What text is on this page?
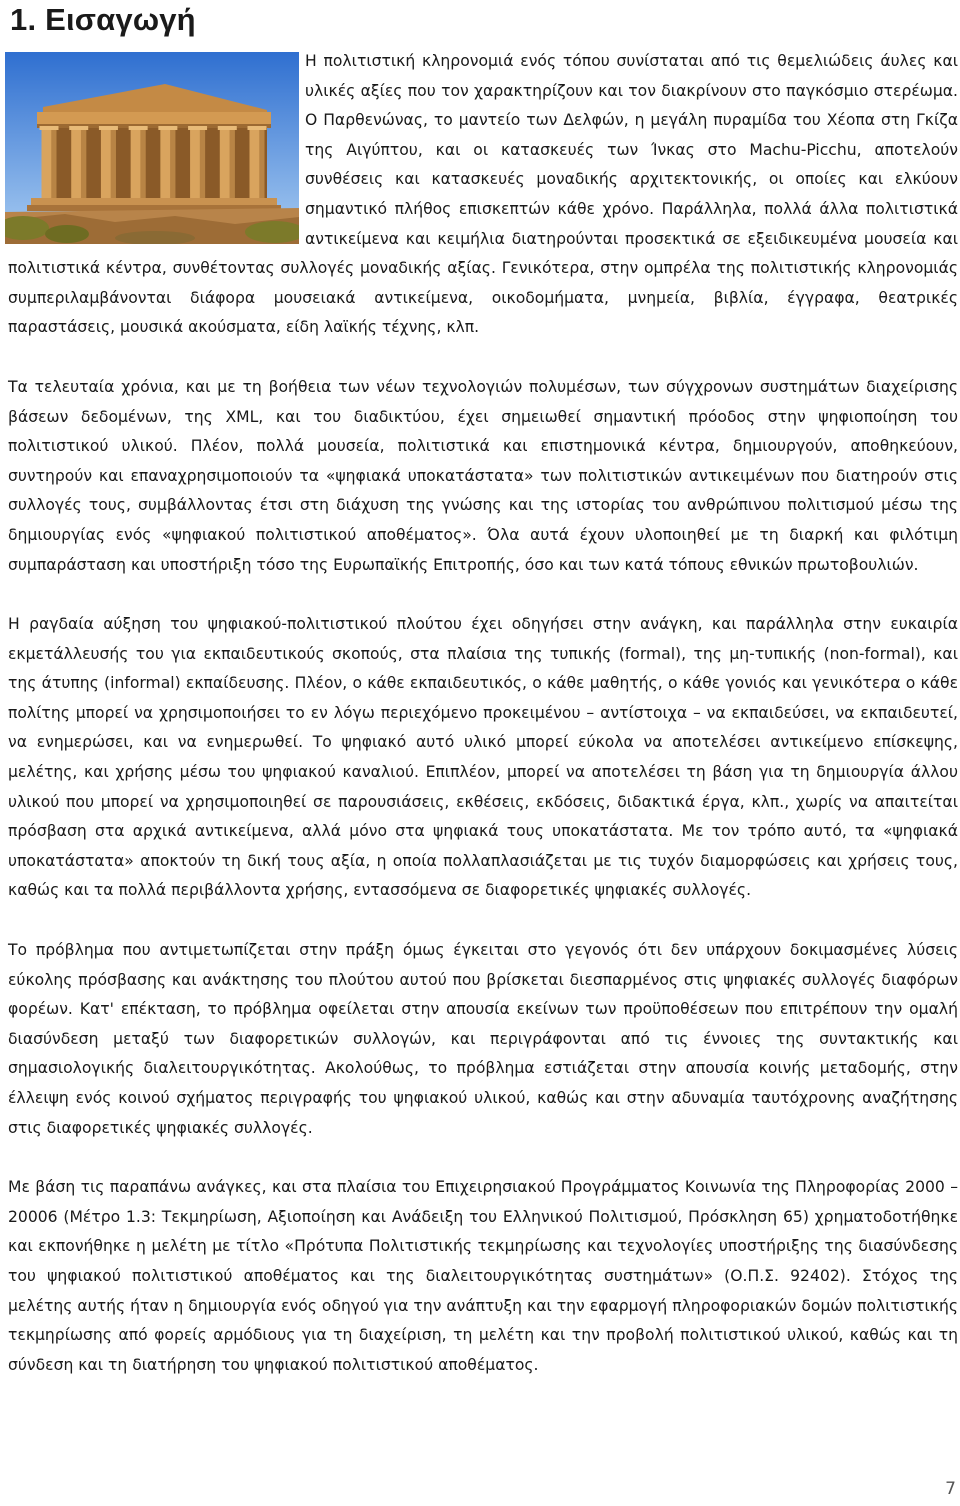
1. Εισαγωγή

Η πολιτιστική κληρονομιά ενός τόπου συνίσταται από τις θεμελιώδεις άυλες και υλικές αξίες που τον χαρακτηρίζουν και τον διακρίνουν στο παγκόσμιο στερέωμα. Ο Παρθενώνας, το μαντείο των Δελφών, η μεγάλη πυραμίδα του Χέοπα στη Γκίζα της Αιγύπτου, και οι κατασκευές των Ίνκας στο Machu-Picchu, αποτελούν συνθέσεις και κατασκευές μοναδικής αρχιτεκτονικής, οι οποίες και ελκύουν σημαντικό πλήθος επισκεπτών κάθε χρόνο. Παράλληλα, πολλά άλλα πολιτιστικά αντικείμενα και κειμήλια διατηρούνται προσεκτικά σε εξειδικευμένα μουσεία και πολιτιστικά κέντρα, συνθέτοντας συλλογές μοναδικής αξίας. Γενικότερα, στην ομπρέλα της πολιτιστικής κληρονομιάς συμπεριλαμβάνονται διάφορα μουσειακά αντικείμενα, οικοδομήματα, μνημεία, βιβλία, έγγραφα, θεατρικές παραστάσεις, μουσικά ακούσματα, είδη λαϊκής τέχνης, κλπ.

Τα τελευταία χρόνια, και με τη βοήθεια των νέων τεχνολογιών πολυμέσων, των σύγχρονων συστημάτων διαχείρισης βάσεων δεδομένων, της XML, και του διαδικτύου, έχει σημειωθεί σημαντική πρόοδος στην ψηφιοποίηση του πολιτιστικού υλικού. Πλέον, πολλά μουσεία, πολιτιστικά και επιστημονικά κέντρα, δημιουργούν, αποθηκεύουν, συντηρούν και επαναχρησιμοποιούν τα «ψηφιακά υποκατάστατα» των πολιτιστικών αντικειμένων που διατηρούν στις συλλογές τους, συμβάλλοντας έτσι στη διάχυση της γνώσης και της ιστορίας του ανθρώπινου πολιτισμού μέσω της δημιουργίας ενός «ψηφιακού πολιτιστικού αποθέματος». Όλα αυτά έχουν υλοποιηθεί με τη διαρκή και φιλότιμη συμπαράσταση και υποστήριξη τόσο της Ευρωπαϊκής Επιτροπής, όσο και των κατά τόπους εθνικών πρωτοβουλιών.

Η ραγδαία αύξηση του ψηφιακού-πολιτιστικού πλούτου έχει οδηγήσει στην ανάγκη, και παράλληλα στην ευκαιρία εκμετάλλευσής του για εκπαιδευτικούς σκοπούς, στα πλαίσια της τυπικής (formal), της μη-τυπικής (non-formal), και της άτυπης (informal) εκπαίδευσης. Πλέον, ο κάθε εκπαιδευτικός, ο κάθε μαθητής, ο κάθε γονιός και γενικότερα ο κάθε πολίτης μπορεί να χρησιμοποιήσει το εν λόγω περιεχόμενο προκειμένου – αντίστοιχα – να εκπαιδεύσει, να εκπαιδευτεί, να ενημερώσει, και να ενημερωθεί. Το ψηφιακό αυτό υλικό μπορεί εύκολα να αποτελέσει αντικείμενο επίσκεψης, μελέτης, και χρήσης μέσω του ψηφιακού καναλιού. Επιπλέον, μπορεί να αποτελέσει τη βάση για τη δημιουργία άλλου υλικού που μπορεί να χρησιμοποιηθεί σε παρουσιάσεις, εκθέσεις, εκδόσεις, διδακτικά έργα, κλπ., χωρίς να απαιτείται πρόσβαση στα αρχικά αντικείμενα, αλλά μόνο στα ψηφιακά τους υποκατάστατα. Με τον τρόπο αυτό, τα «ψηφιακά υποκατάστατα» αποκτούν τη δική τους αξία, η οποία πολλαπλασιάζεται με τις τυχόν διαμορφώσεις και χρήσεις τους, καθώς και τα πολλά περιβάλλοντα χρήσης, εντασσόμενα σε διαφορετικές ψηφιακές συλλογές.

Το πρόβλημα που αντιμετωπίζεται στην πράξη όμως έγκειται στο γεγονός ότι δεν υπάρχουν δοκιμασμένες λύσεις εύκολης πρόσβασης και ανάκτησης του πλούτου αυτού που βρίσκεται διεσπαρμένος στις ψηφιακές συλλογές διαφόρων φορέων. Κατ' επέκταση, το πρόβλημα οφείλεται στην απουσία εκείνων των προϋποθέσεων που επιτρέπουν την ομαλή διασύνδεση μεταξύ των διαφορετικών συλλογών, και περιγράφονται από τις έννοιες της συντακτικής και σημασιολογικής διαλειτουργικότητας. Ακολούθως, το πρόβλημα εστιάζεται στην απουσία κοινής μεταδομής, στην έλλειψη ενός κοινού σχήματος περιγραφής του ψηφιακού υλικού, καθώς και στην αδυναμία ταυτόχρονης αναζήτησης στις διαφορετικές ψηφιακές συλλογές.

Με βάση τις παραπάνω ανάγκες, και στα πλαίσια του Επιχειρησιακού Προγράμματος Κοινωνία της Πληροφορίας 2000 – 20006 (Μέτρο 1.3: Τεκμηρίωση, Αξιοποίηση και Ανάδειξη του Ελληνικού Πολιτισμού, Πρόσκληση 65) χρηματοδοτήθηκε και εκπονήθηκε η μελέτη με τίτλο «Πρότυπα Πολιτιστικής τεκμηρίωσης και τεχνολογίες υποστήριξης της διασύνδεσης του ψηφιακού πολιτιστικού αποθέματος και της διαλειτουργικότητας συστημάτων» (Ο.Π.Σ. 92402). Στόχος της μελέτης αυτής ήταν η δημιουργία ενός οδηγού για την ανάπτυξη και την εφαρμογή πληροφοριακών δομών πολιτιστικής τεκμηρίωσης από φορείς αρμόδιους για τη διαχείριση, τη μελέτη και την προβολή πολιτιστικού υλικού, καθώς και τη σύνδεση και τη διατήρηση του ψηφιακού πολιτιστικού αποθέματος.

7
